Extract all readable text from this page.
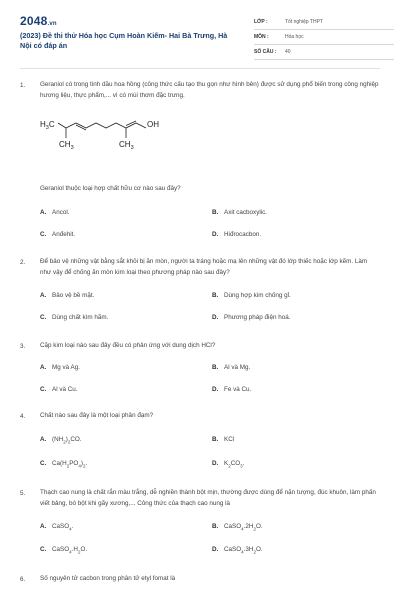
2048.vn
(2023) Đề thi thử Hóa học Cụm Hoàn Kiếm- Hai Bà Trưng, Hà Nội có đáp án
LỚP :	Tốt nghiệp THPT
MÔN :	Hóa học
SỐ CÂU : 40
1. Geraniol có trong tinh dầu hoa hồng (công thức cấu tạo thu gọn như hình bên) được sử dụng phổ biến trong công nghiệp hương liệu, thực phẩm,... vì có mùi thơm đặc trưng.
$H_3C$
$CH_3$	$CH_3$
OH
Geraniol thuộc loại hợp chất hữu cơ nào sau đây?
A. Ancol.	B. Axit cacboxylic.
C. Anđehit.	D. Hiđrocacbon.
2. Để bảo vệ những vật bằng sắt khỏi bị ăn mòn, người ta tráng hoặc mạ lên những vật đó lớp thiếc hoặc lớp kẽm. Làm như vậy để chống ăn mòn kim loại theo phương pháp nào sau đây?
A. Bảo vệ bề mặt.	B. Dùng hợp kim chống gỉ.
C. Dùng chất kìm hãm.	D. Phương pháp điện hoá.
3. Cặp kim loại nào sau đây đều có phản ứng với dung dịch HCl?
A. Mg và Ag.	B. Al và Mg.
C. Al và Cu.	D. Fe và Cu.
4. Chất nào sau đây là một loại phân đạm?
A. $(NH_2)_2CO$.	B. KCl
C. $Ca(H_2PO_4)_2$.	D. $K_2CO_3$.
5. Thạch cao nung là chất rắn màu trắng, dễ nghiền thành bột mịn, thường được dùng để nặn tượng, đúc khuôn, làm phấn viết bảng, bó bột khi gãy xương,... Công thức của thạch cao nung là
A. CaSO$_4$.	B. $CaSO_4.2H_2O$.
C. $CaSO_4.H_2O$.	D. $CaSO_4.3H_2O$.
6. Số nguyên tử cacbon trong phân tử etyl fomat là
